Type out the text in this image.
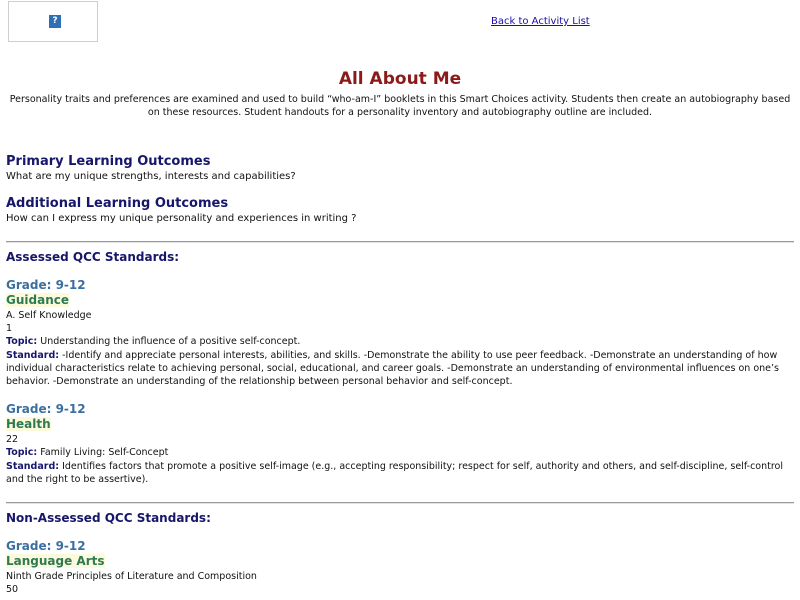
?	Back to Activity List
All About Me

Personality traits and preferences are examined and used to build “who-am-I” booklets in this Smart Choices activity. Students then create an autobiography based on these resources. Student handouts for a personality inventory and autobiography outline are included.

Primary Learning Outcomes

What are my unique strengths, interests and capabilities?

Additional Learning Outcomes

How can I express my unique personality and experiences in writing ?

Assessed QCC Standards:
Grade: 9-12
Guidance
A. Self Knowledge
1
Topic: Understanding the influence of a positive self-concept.

Standard: -Identify and appreciate personal interests, abilities, and skills. -Demonstrate the ability to use peer feedback. -Demonstrate an understanding of how individual characteristics relate to achieving personal, social, educational, and career goals. -Demonstrate an understanding of environmental influences on one’s behavior. -Demonstrate an understanding of the relationship between personal behavior and self-concept.

Grade: 9-12
Health
22
Topic: Family Living: Self-Concept

Standard: Identifies factors that promote a positive self-image (e.g., accepting responsibility; respect for self, authority and others, and self-discipline, self-control and the right to be assertive).

Non-Assessed QCC Standards:
Grade: 9-12
Language Arts
Ninth Grade Principles of Literature and Composition
50
